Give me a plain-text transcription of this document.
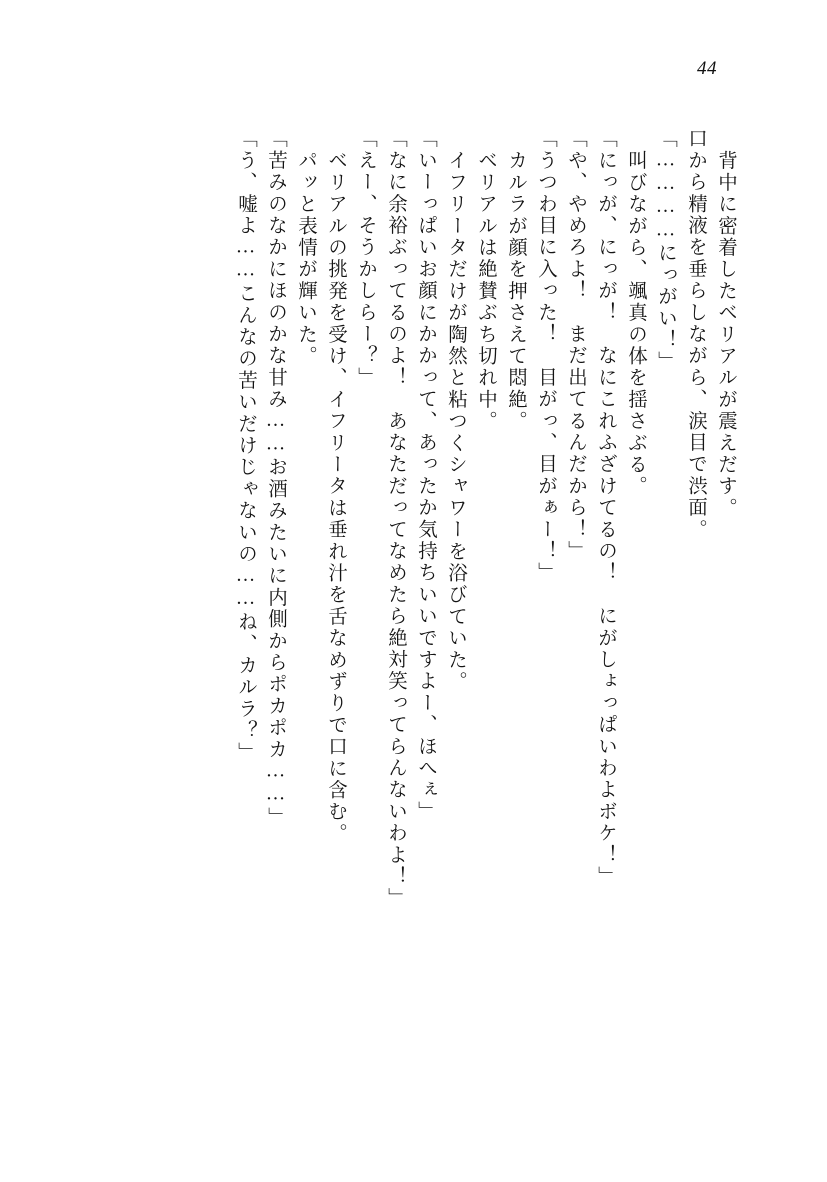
44
背中に密着したベリアルが震えだす。
口から精液を垂らしながら、涙目で渋面。
「…………にっがい！」
叫びながら、颯真の体を揺さぶる。
「にっが、にっが！　なにこれふざけてるの！　にがしょっぱいわよボケ！」
「や、やめろよ！　まだ出てるんだから！」
「うつわ目に入った！　目がっ、目がぁー！」
カルラが顔を押さえて悶絶。
ベリアルは絶賛ぶち切れ中。
イフリータだけが陶然と粘つくシャワーを浴びていた。
「いーっぱいお顔にかかって、あったか気持ちいいですよー、ほへぇ」
「なに余裕ぶってるのよ！　あなただってなめたら絶対笑ってらんないわよ！」
「えー、そうかしらー？」
ベリアルの挑発を受け、イフリータは垂れ汁を舌なめずりで口に含む。
パッと表情が輝いた。
「苦みのなかにほのかな甘み……お酒みたいに内側からポカポカ……」
「う、嘘よ……こんなの苦いだけじゃないの……ね、カルラ？」
